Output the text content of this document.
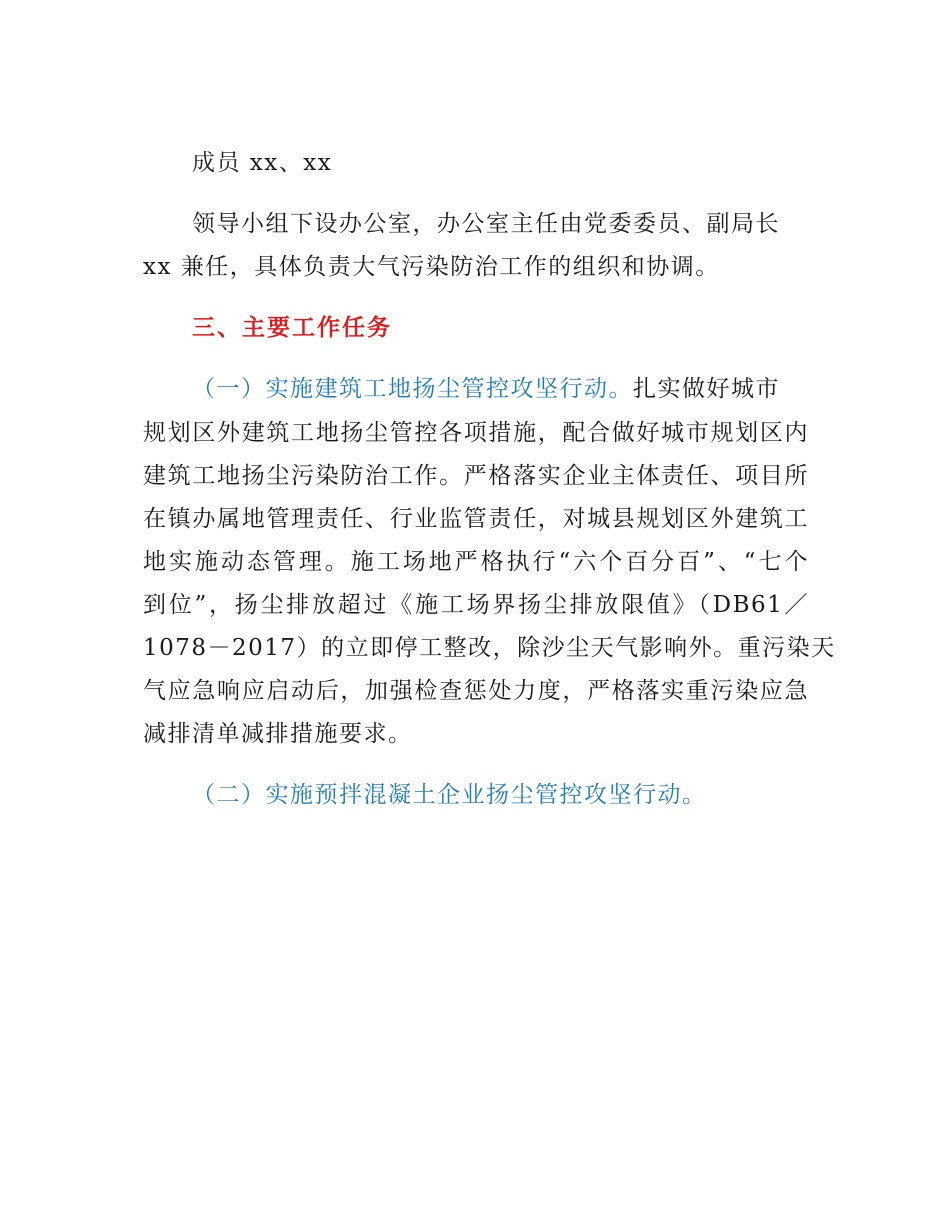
成员 xx、xx
领导小组下设办公室，办公室主任由党委委员、副局长
xx 兼任，具体负责大气污染防治工作的组织和协调。
三、主要工作任务
（一）实施建筑工地扬尘管控攻坚行动。扎实做好城市
规划区外建筑工地扬尘管控各项措施，配合做好城市规划区内
建筑工地扬尘污染防治工作。严格落实企业主体责任、项目所
在镇办属地管理责任、行业监管责任，对城县规划区外建筑工
地实施动态管理。施工场地严格执行“六个百分百”、“七个
到位”，扬尘排放超过《施工场界扬尘排放限值》（DB61／
1078－2017）的立即停工整改，除沙尘天气影响外。重污染天
气应急响应启动后，加强检查惩处力度，严格落实重污染应急
减排清单减排措施要求。
（二）实施预拌混凝土企业扬尘管控攻坚行动。
